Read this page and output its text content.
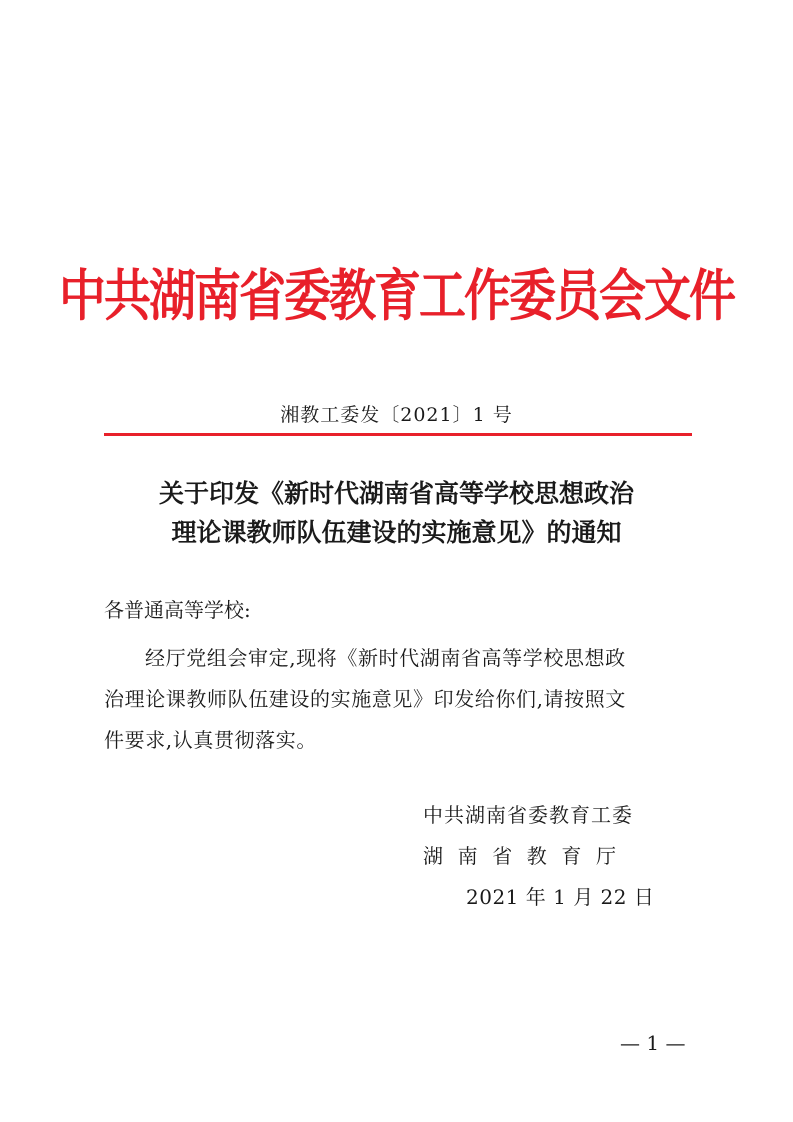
中共湖南省委教育工作委员会文件
湘教工委发〔2021〕1 号
关于印发《新时代湖南省高等学校思想政治
理论课教师队伍建设的实施意见》的通知
各普通高等学校:
经厅党组会审定,现将《新时代湖南省高等学校思想政
治理论课教师队伍建设的实施意见》印发给你们,请按照文
件要求,认真贯彻落实。
中共湖南省委教育工委
湖南省教育厅
2021 年 1 月 22 日
— 1 —
